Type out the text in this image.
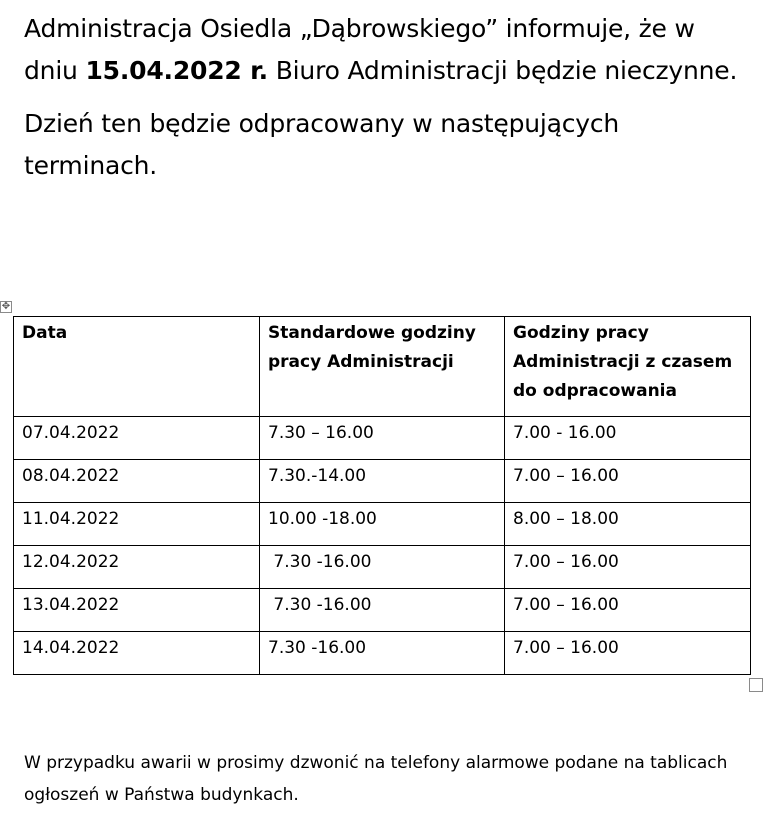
Administracja Osiedla „Dąbrowskiego” informuje, że w dniu 15.04.2022 r. Biuro Administracji będzie nieczynne.

Dzień ten będzie odpracowany w następujących terminach.

✥
Data	Standardowe godziny pracy Administracji	Godziny pracy Administracji z czasem do odpracowania
07.04.2022	7.30 – 16.00	7.00 - 16.00
08.04.2022	7.30.-14.00	7.00 – 16.00
11.04.2022	10.00 -18.00	8.00 – 18.00
12.04.2022	7.30 -16.00	7.00 – 16.00
13.04.2022	7.30 -16.00	7.00 – 16.00
14.04.2022	7.30 -16.00	7.00 – 16.00

W przypadku awarii w prosimy dzwonić na telefony alarmowe podane na tablicach ogłoszeń w Państwa budynkach.
